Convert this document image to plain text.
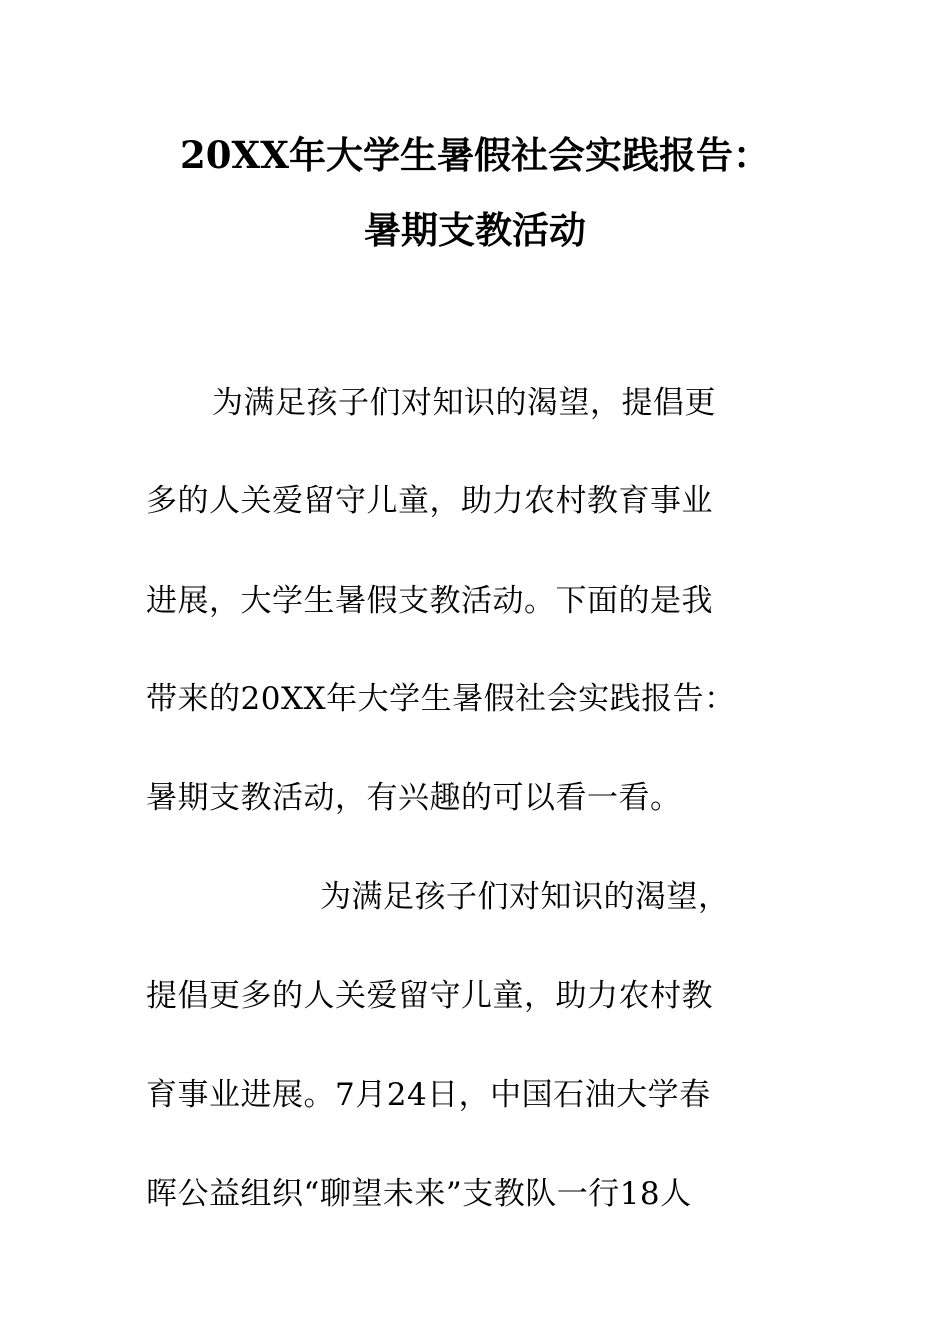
20XX年大学生暑假社会实践报告：
暑期支教活动
为满足孩子们对知识的渴望，提倡更
多的人关爱留守儿童，助力农村教育事业
进展，大学生暑假支教活动。下面的是我
带来的20XX年大学生暑假社会实践报告：
暑期支教活动，有兴趣的可以看一看。
为满足孩子们对知识的渴望，
提倡更多的人关爱留守儿童，助力农村教
育事业进展。7月24日，中国石油大学春
晖公益组织“聊望未来”支教队一行18人
